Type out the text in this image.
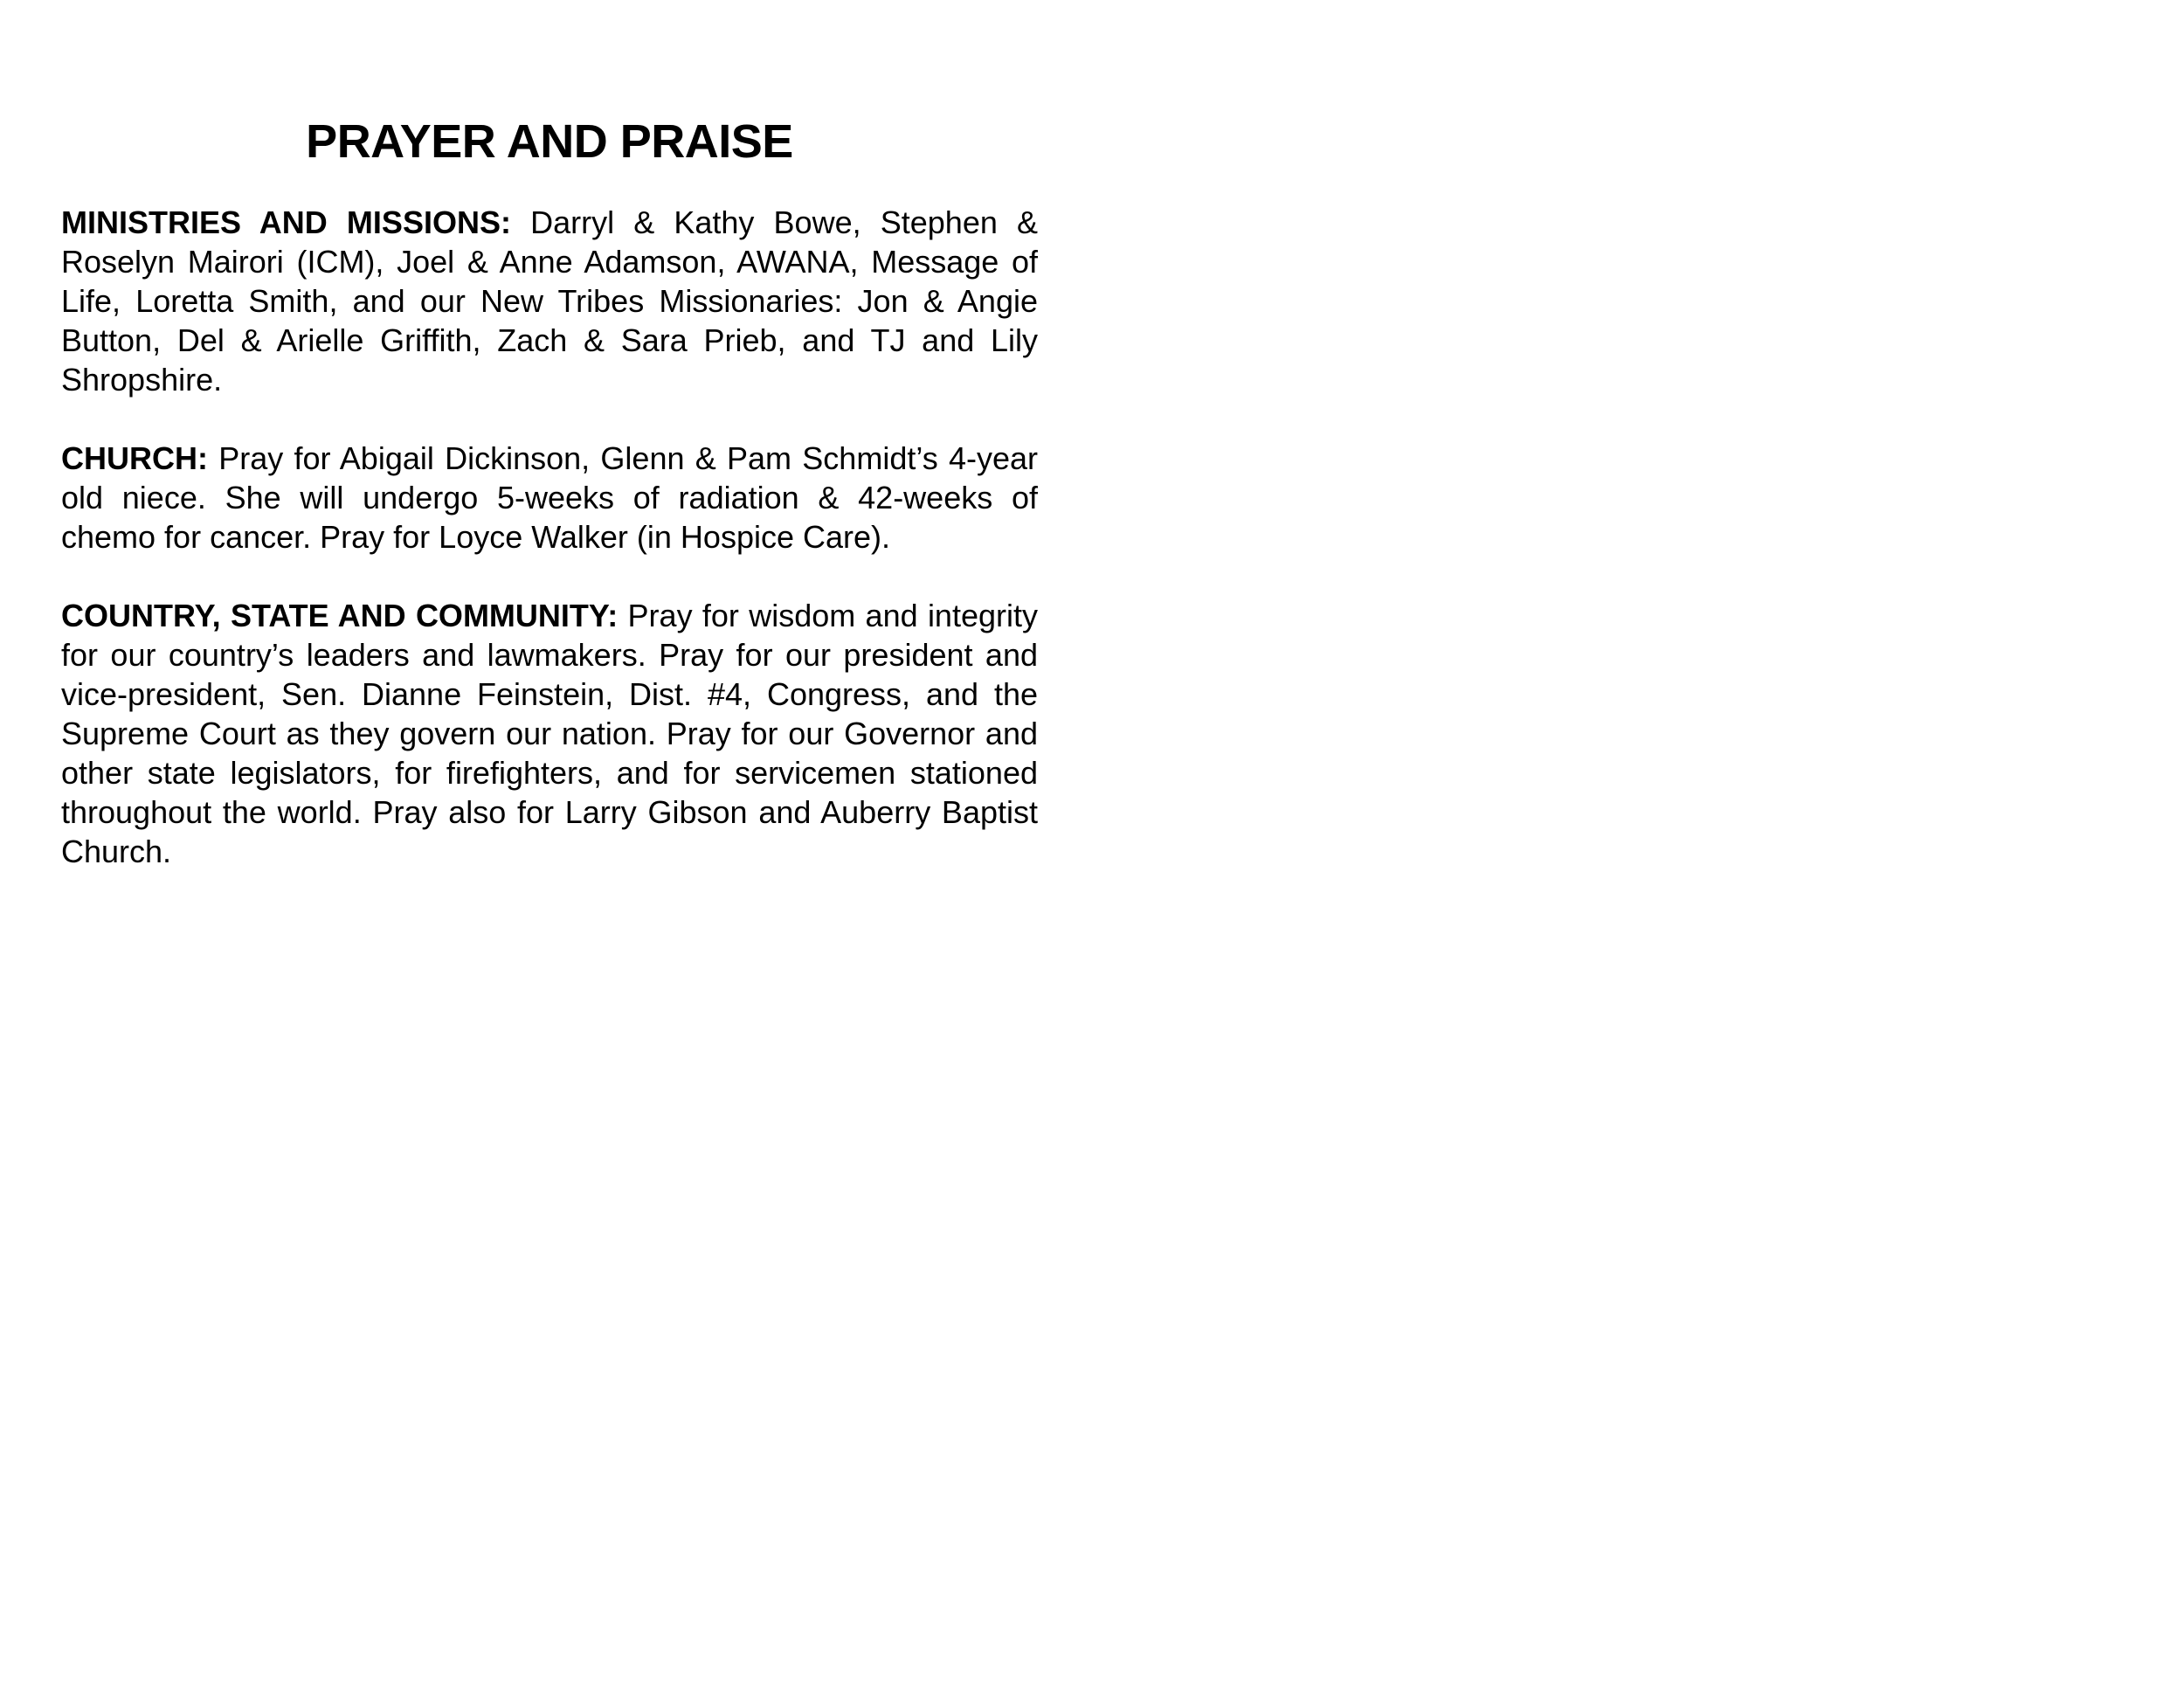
PRAYER AND PRAISE

MINISTRIES AND MISSIONS: Darryl & Kathy Bowe, Stephen & Roselyn Mairori (ICM), Joel & Anne Adamson, AWANA, Message of Life, Loretta Smith, and our New Tribes Missionaries: Jon & Angie Button, Del & Arielle Griffith, Zach & Sara Prieb, and TJ and Lily Shropshire.

CHURCH: Pray for Abigail Dickinson, Glenn & Pam Schmidt’s 4-year old niece. She will undergo 5-weeks of radiation & 42-weeks of chemo for cancer. Pray for Loyce Walker (in Hospice Care).

COUNTRY, STATE AND COMMUNITY: Pray for wisdom and integrity for our country’s leaders and lawmakers. Pray for our president and vice-president, Sen. Dianne Feinstein, Dist. #4, Congress, and the Supreme Court as they govern our nation. Pray for our Governor and other state legislators, for firefighters, and for servicemen stationed throughout the world. Pray also for Larry Gibson and Auberry Baptist Church.
